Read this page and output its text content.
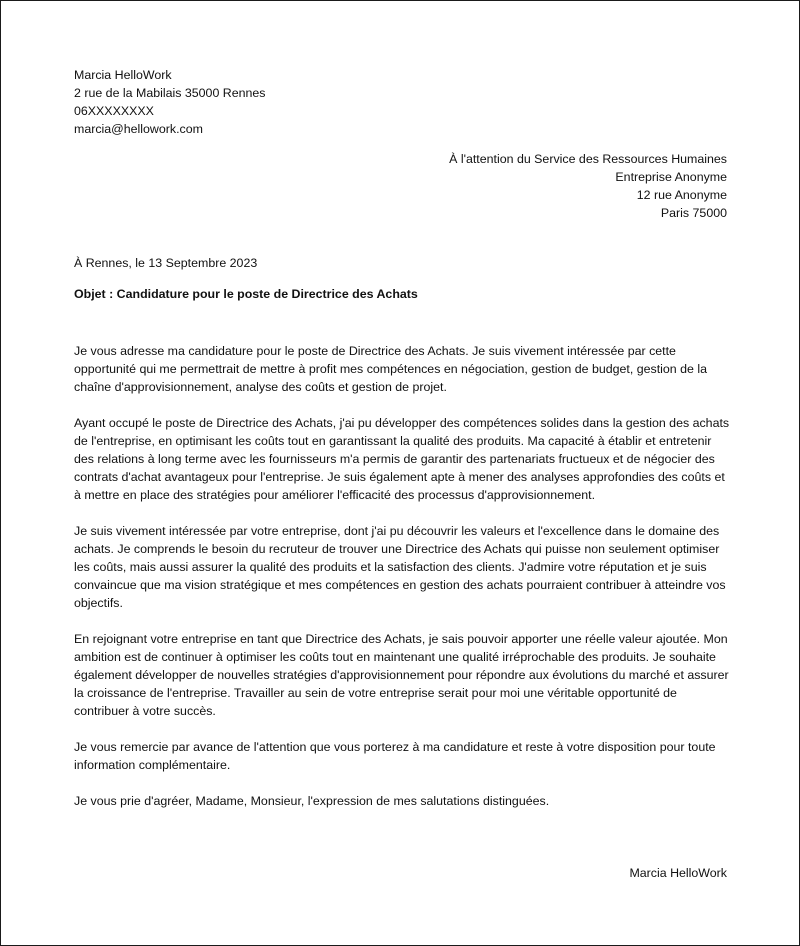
Marcia HelloWork
2 rue de la Mabilais 35000 Rennes
06XXXXXXXX
marcia@hellowork.com
À l'attention du Service des Ressources Humaines
Entreprise Anonyme
12 rue Anonyme
Paris 75000
À Rennes, le 13 Septembre 2023
Objet : Candidature pour le poste de Directrice des Achats

Je vous adresse ma candidature pour le poste de Directrice des Achats. Je suis vivement intéressée par cette opportunité qui me permettrait de mettre à profit mes compétences en négociation, gestion de budget, gestion de la chaîne d'approvisionnement, analyse des coûts et gestion de projet.

Ayant occupé le poste de Directrice des Achats, j'ai pu développer des compétences solides dans la gestion des achats de l'entreprise, en optimisant les coûts tout en garantissant la qualité des produits. Ma capacité à établir et entretenir des relations à long terme avec les fournisseurs m'a permis de garantir des partenariats fructueux et de négocier des contrats d'achat avantageux pour l'entreprise. Je suis également apte à mener des analyses approfondies des coûts et à mettre en place des stratégies pour améliorer l'efficacité des processus d'approvisionnement.

Je suis vivement intéressée par votre entreprise, dont j'ai pu découvrir les valeurs et l'excellence dans le domaine des achats. Je comprends le besoin du recruteur de trouver une Directrice des Achats qui puisse non seulement optimiser les coûts, mais aussi assurer la qualité des produits et la satisfaction des clients. J'admire votre réputation et je suis convaincue que ma vision stratégique et mes compétences en gestion des achats pourraient contribuer à atteindre vos objectifs.

En rejoignant votre entreprise en tant que Directrice des Achats, je sais pouvoir apporter une réelle valeur ajoutée. Mon ambition est de continuer à optimiser les coûts tout en maintenant une qualité irréprochable des produits. Je souhaite également développer de nouvelles stratégies d'approvisionnement pour répondre aux évolutions du marché et assurer la croissance de l'entreprise. Travailler au sein de votre entreprise serait pour moi une véritable opportunité de contribuer à votre succès.

Je vous remercie par avance de l'attention que vous porterez à ma candidature et reste à votre disposition pour toute information complémentaire.

Je vous prie d'agréer, Madame, Monsieur, l'expression de mes salutations distinguées.

Marcia HelloWork
